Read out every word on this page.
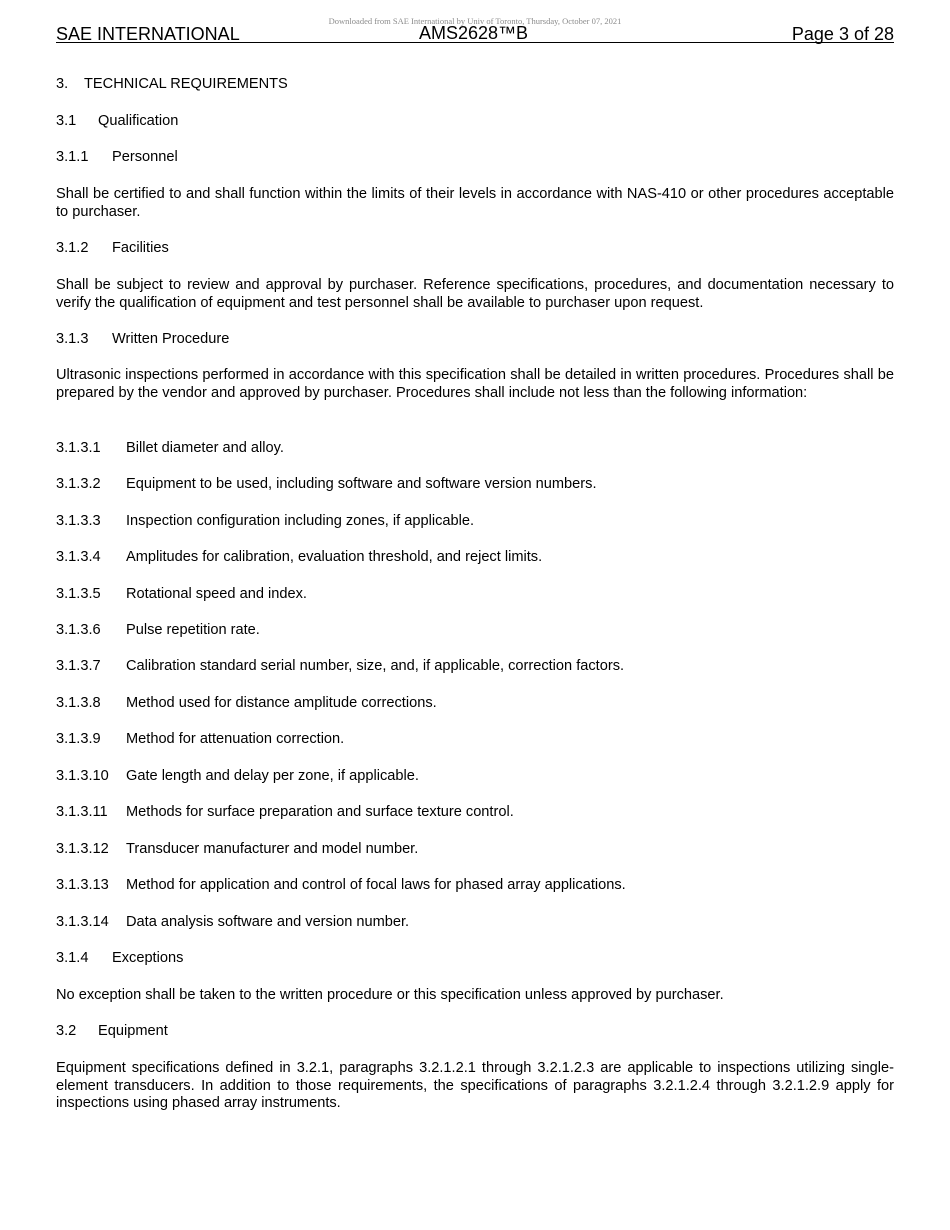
Downloaded from SAE International by Univ of Toronto, Thursday, October 07, 2021
SAE INTERNATIONAL	AMS2628™B	Page 3 of 28
3. TECHNICAL REQUIREMENTS
3.1 Qualification
3.1.1 Personnel
Shall be certified to and shall function within the limits of their levels in accordance with NAS-410 or other procedures acceptable to purchaser.
3.1.2 Facilities
Shall be subject to review and approval by purchaser. Reference specifications, procedures, and documentation necessary to verify the qualification of equipment and test personnel shall be available to purchaser upon request.
3.1.3 Written Procedure
Ultrasonic inspections performed in accordance with this specification shall be detailed in written procedures. Procedures shall be prepared by the vendor and approved by purchaser. Procedures shall include not less than the following information:
3.1.3.1 Billet diameter and alloy.
3.1.3.2 Equipment to be used, including software and software version numbers.
3.1.3.3 Inspection configuration including zones, if applicable.
3.1.3.4 Amplitudes for calibration, evaluation threshold, and reject limits.
3.1.3.5 Rotational speed and index.
3.1.3.6 Pulse repetition rate.
3.1.3.7 Calibration standard serial number, size, and, if applicable, correction factors.
3.1.3.8 Method used for distance amplitude corrections.
3.1.3.9 Method for attenuation correction.
3.1.3.10 Gate length and delay per zone, if applicable.
3.1.3.11 Methods for surface preparation and surface texture control.
3.1.3.12 Transducer manufacturer and model number.
3.1.3.13 Method for application and control of focal laws for phased array applications.
3.1.3.14 Data analysis software and version number.
3.1.4 Exceptions
No exception shall be taken to the written procedure or this specification unless approved by purchaser.
3.2 Equipment
Equipment specifications defined in 3.2.1, paragraphs 3.2.1.2.1 through 3.2.1.2.3 are applicable to inspections utilizing single-element transducers. In addition to those requirements, the specifications of paragraphs 3.2.1.2.4 through 3.2.1.2.9 apply for inspections using phased array instruments.
